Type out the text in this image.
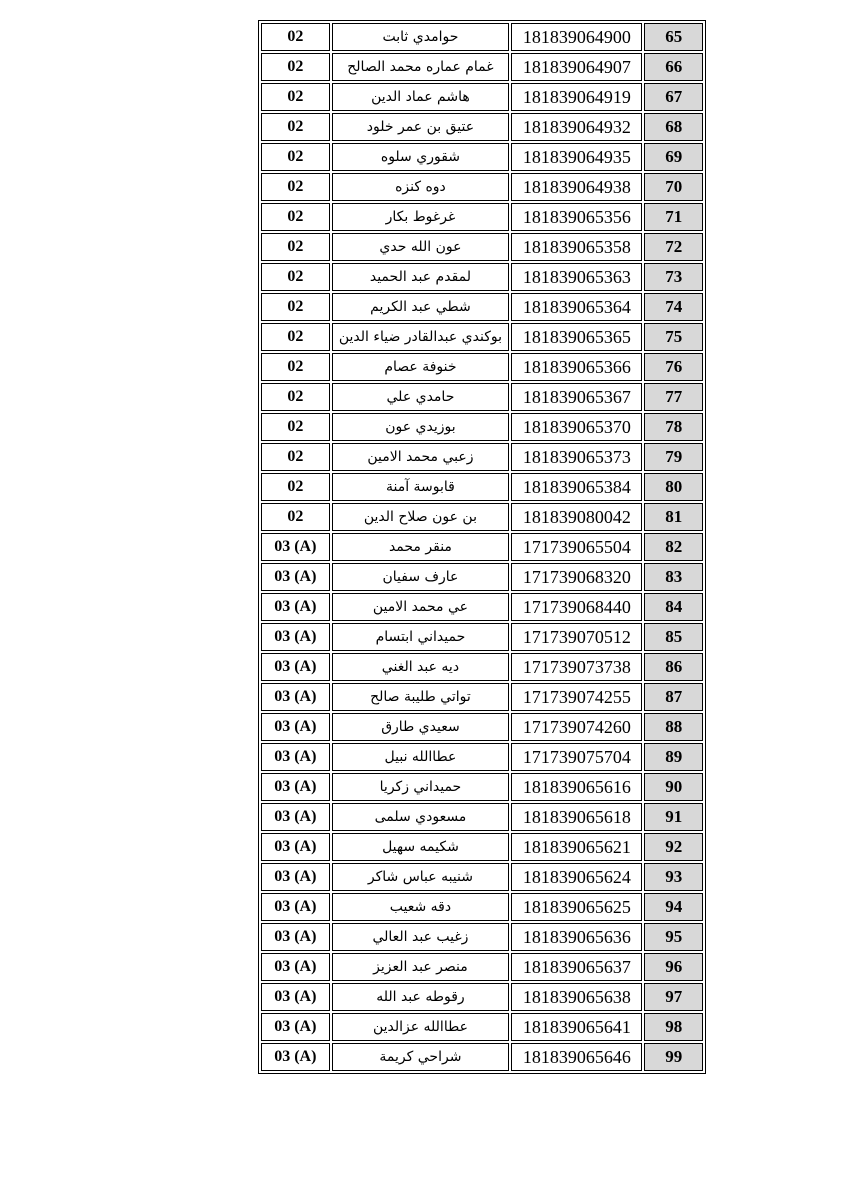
02	حوامدي ثابت	181839064900	65
02	غمام عماره محمد الصالح	181839064907	66
02	هاشم عماد الدين	181839064919	67
02	عتيق بن عمر خلود	181839064932	68
02	شقوري سلوه	181839064935	69
02	دوه كنزه	181839064938	70
02	غرغوط بكار	181839065356	71
02	عون الله حدي	181839065358	72
02	لمقدم عبد الحميد	181839065363	73
02	شطي عبد الكريم	181839065364	74
02	بوكندي عبدالقادر ضياء الدين	181839065365	75
02	خنوفة عصام	181839065366	76
02	حامدي علي	181839065367	77
02	بوزيدي عون	181839065370	78
02	زعبي محمد الامين	181839065373	79
02	قابوسة آمنة	181839065384	80
02	بن عون صلاح الدين	181839080042	81
03 (A)	منقر محمد	171739065504	82
03 (A)	عارف سفيان	171739068320	83
03 (A)	عي محمد الامين	171739068440	84
03 (A)	حميداني ابتسام	171739070512	85
03 (A)	ديه عبد الغني	171739073738	86
03 (A)	تواتي طليبة صالح	171739074255	87
03 (A)	سعيدي طارق	171739074260	88
03 (A)	عطاالله نبيل	171739075704	89
03 (A)	حميداني زكريا	181839065616	90
03 (A)	مسعودي سلمى	181839065618	91
03 (A)	شكيمه سهيل	181839065621	92
03 (A)	شنيبه عباس شاكر	181839065624	93
03 (A)	دقه شعيب	181839065625	94
03 (A)	زغيب عبد العالي	181839065636	95
03 (A)	منصر عبد العزيز	181839065637	96
03 (A)	رقوطه عبد الله	181839065638	97
03 (A)	عطاالله عزالدين	181839065641	98
03 (A)	شراحي كريمة	181839065646	99
